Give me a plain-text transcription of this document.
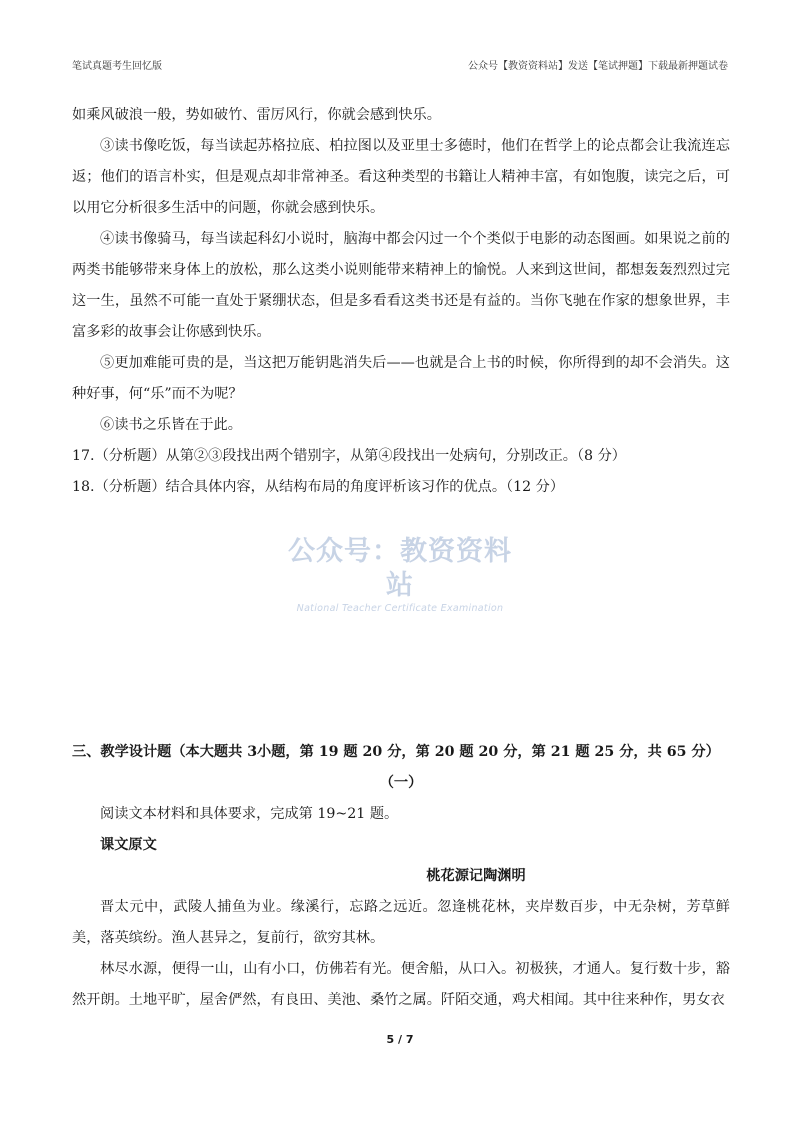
笔试真题考生回忆版	公众号【教资资料站】发送【笔试押题】下载最新押题试卷

如乘风破浪一般，势如破竹、雷厉风行，你就会感到快乐。

③读书像吃饭，每当读起苏格拉底、柏拉图以及亚里士多德时，他们在哲学上的论点都会让我流连忘返；他们的语言朴实，但是观点却非常神圣。看这种类型的书籍让人精神丰富，有如饱腹，读完之后，可以用它分析很多生活中的问题，你就会感到快乐。

④读书像骑马，每当读起科幻小说时，脑海中都会闪过一个个类似于电影的动态图画。如果说之前的两类书能够带来身体上的放松，那么这类小说则能带来精神上的愉悦。人来到这世间，都想轰轰烈烈过完这一生，虽然不可能一直处于紧绷状态，但是多看看这类书还是有益的。当你飞驰在作家的想象世界，丰富多彩的故事会让你感到快乐。

⑤更加难能可贵的是，当这把万能钥匙消失后——也就是合上书的时候，你所得到的却不会消失。这种好事，何“乐”而不为呢？

⑥读书之乐皆在于此。

17.（分析题）从第②③段找出两个错别字，从第④段找出一处病句，分别改正。（8 分）

18.（分析题）结合具体内容，从结构布局的角度评析该习作的优点。（12 分）

公众号：教资资料站
National Teacher Certificate Examination

三、教学设计题（本大题共 3小题，第 19 题 20 分，第 20 题 20 分，第 21 题 25 分，共 65 分）

（一）

阅读文本材料和具体要求，完成第 19~21 题。

课文原文

桃花源记陶渊明

晋太元中，武陵人捕鱼为业。缘溪行，忘路之远近。忽逢桃花林，夹岸数百步，中无杂树，芳草鲜美，落英缤纷。渔人甚异之，复前行，欲穷其林。

林尽水源，便得一山，山有小口，仿佛若有光。便舍船，从口入。初极狭，才通人。复行数十步，豁然开朗。土地平旷，屋舍俨然，有良田、美池、桑竹之属。阡陌交通，鸡犬相闻。其中往来种作，男女衣

5 / 7
